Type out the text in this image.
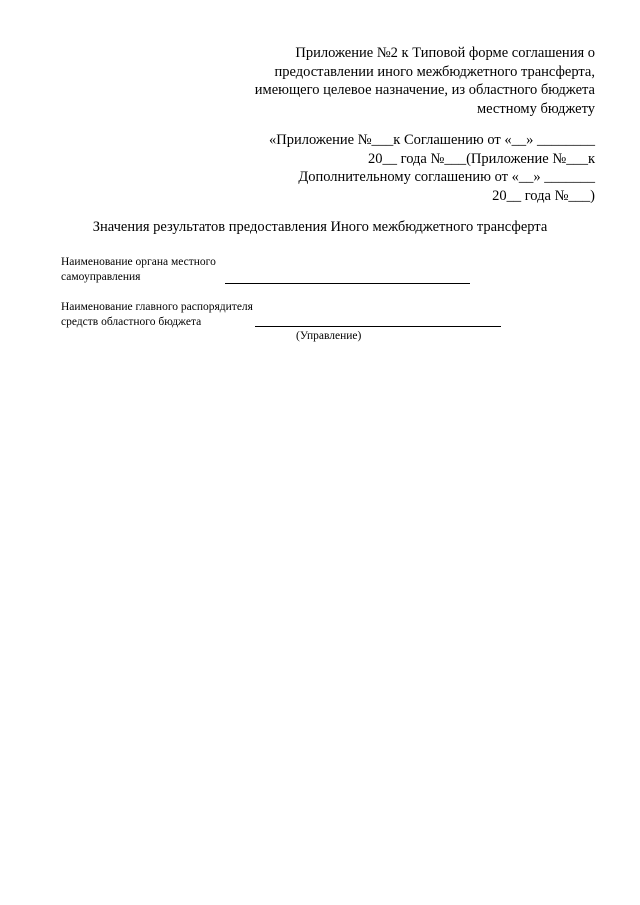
Приложение №2 к Типовой форме соглашения о
предоставлении иного межбюджетного трансферта,
имеющего целевое назначение, из областного бюджета
местному бюджету
«Приложение №___к Соглашению от «__» ________
20__ года №___(Приложение №___к
Дополнительному соглашению от «__» _______
20__ года №___)
Значения результатов предоставления Иного межбюджетного трансферта
Наименование органа местного
самоуправления
Наименование главного распорядителя
средств областного бюджета
(Управление)
